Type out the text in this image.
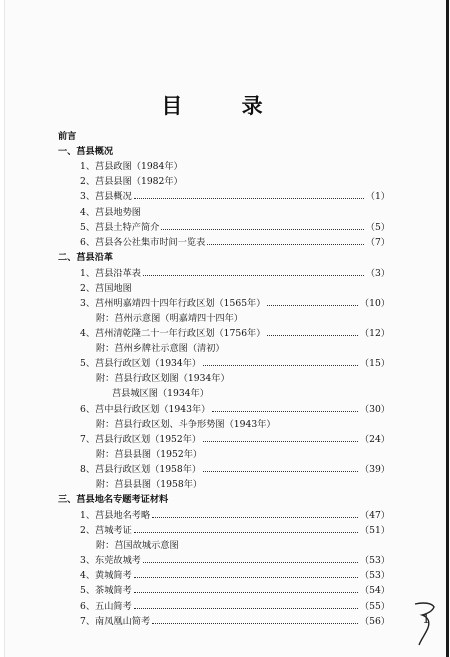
目 录
前言
一、莒县概况
1、莒县政图（1984年）
2、莒县县图（1982年）
3、莒县概况	（1）
4、莒县地势图
5、莒县土特产简介	（5）
6、莒县各公社集市时间一览表	（7）
二、莒县沿革
1、莒县沿革表	（3）
2、莒国地图
3、莒州明嘉靖四十四年行政区划（1565年）	（10）
附：莒州示意图（明嘉靖四十四年）
4、莒州清乾隆二十一年行政区划（1756年）	（12）
附：莒州乡牌社示意图（清初）
5、莒县行政区划（1934年）	（15）
附：莒县行政区划图（1934年）
莒县城区图（1934年）
6、莒中县行政区划（1943年）	（30）
附：莒县行政区划、斗争形势图（1943年）
7、莒县行政区划（1952年）	（24）
附：莒县县图（1952年）
8、莒县行政区划（1958年）	（39）
附：莒县县图（1958年）
三、莒县地名专题考证材料
1、莒县地名考略	（47）
2、莒城考证	（51）
附：莒国故城示意图
3、东莞故城考	（53）
4、黄城简考	（53）
5、茶城简考	（54）
6、五山简考	（55）
7、南凤凰山简考	（56）	1
